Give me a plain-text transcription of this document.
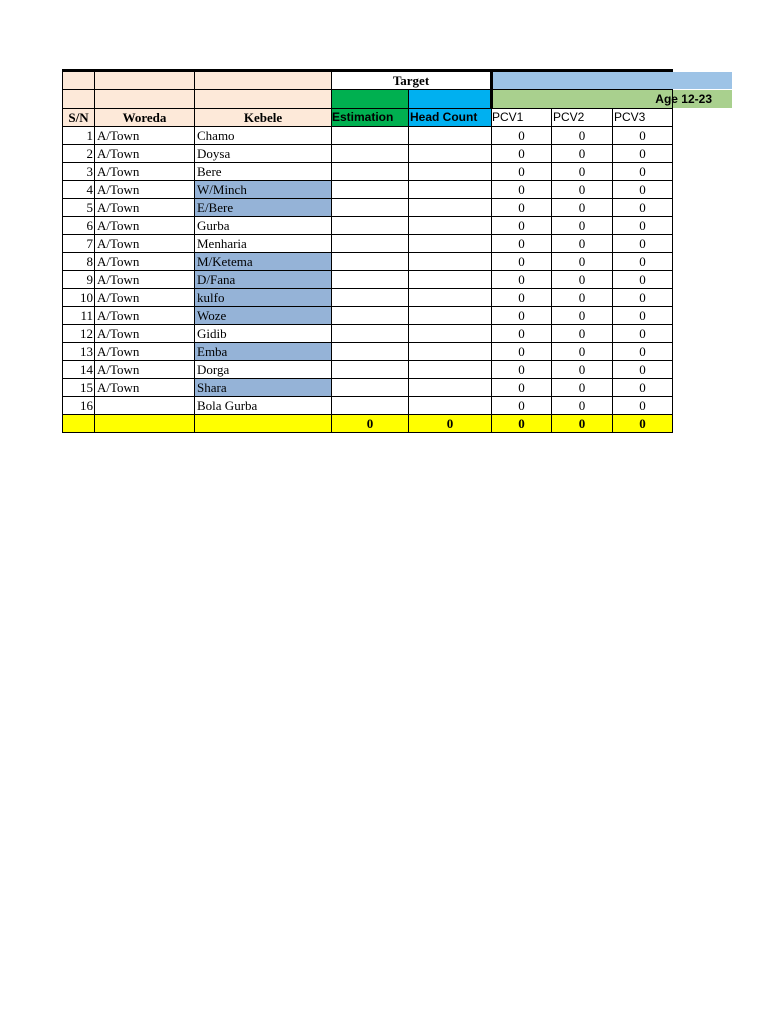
			Target				

					Age 12-23		

S/N	Woreda	Kebele	Estimation	Head Count	PCV1	PCV2	PCV3
1	A/Town	Chamo			0	0	0
2	A/Town	Doysa			0	0	0
3	A/Town	Bere			0	0	0
4	A/Town	W/Minch			0	0	0
5	A/Town	E/Bere			0	0	0
6	A/Town	Gurba			0	0	0
7	A/Town	Menharia			0	0	0
8	A/Town	M/Ketema			0	0	0
9	A/Town	D/Fana			0	0	0
10	A/Town	kulfo			0	0	0
11	A/Town	Woze			0	0	0
12	A/Town	Gidib			0	0	0
13	A/Town	Emba			0	0	0
14	A/Town	Dorga			0	0	0
15	A/Town	Shara			0	0	0
16		Bola Gurba			0	0	0
			0	0	0	0	0
